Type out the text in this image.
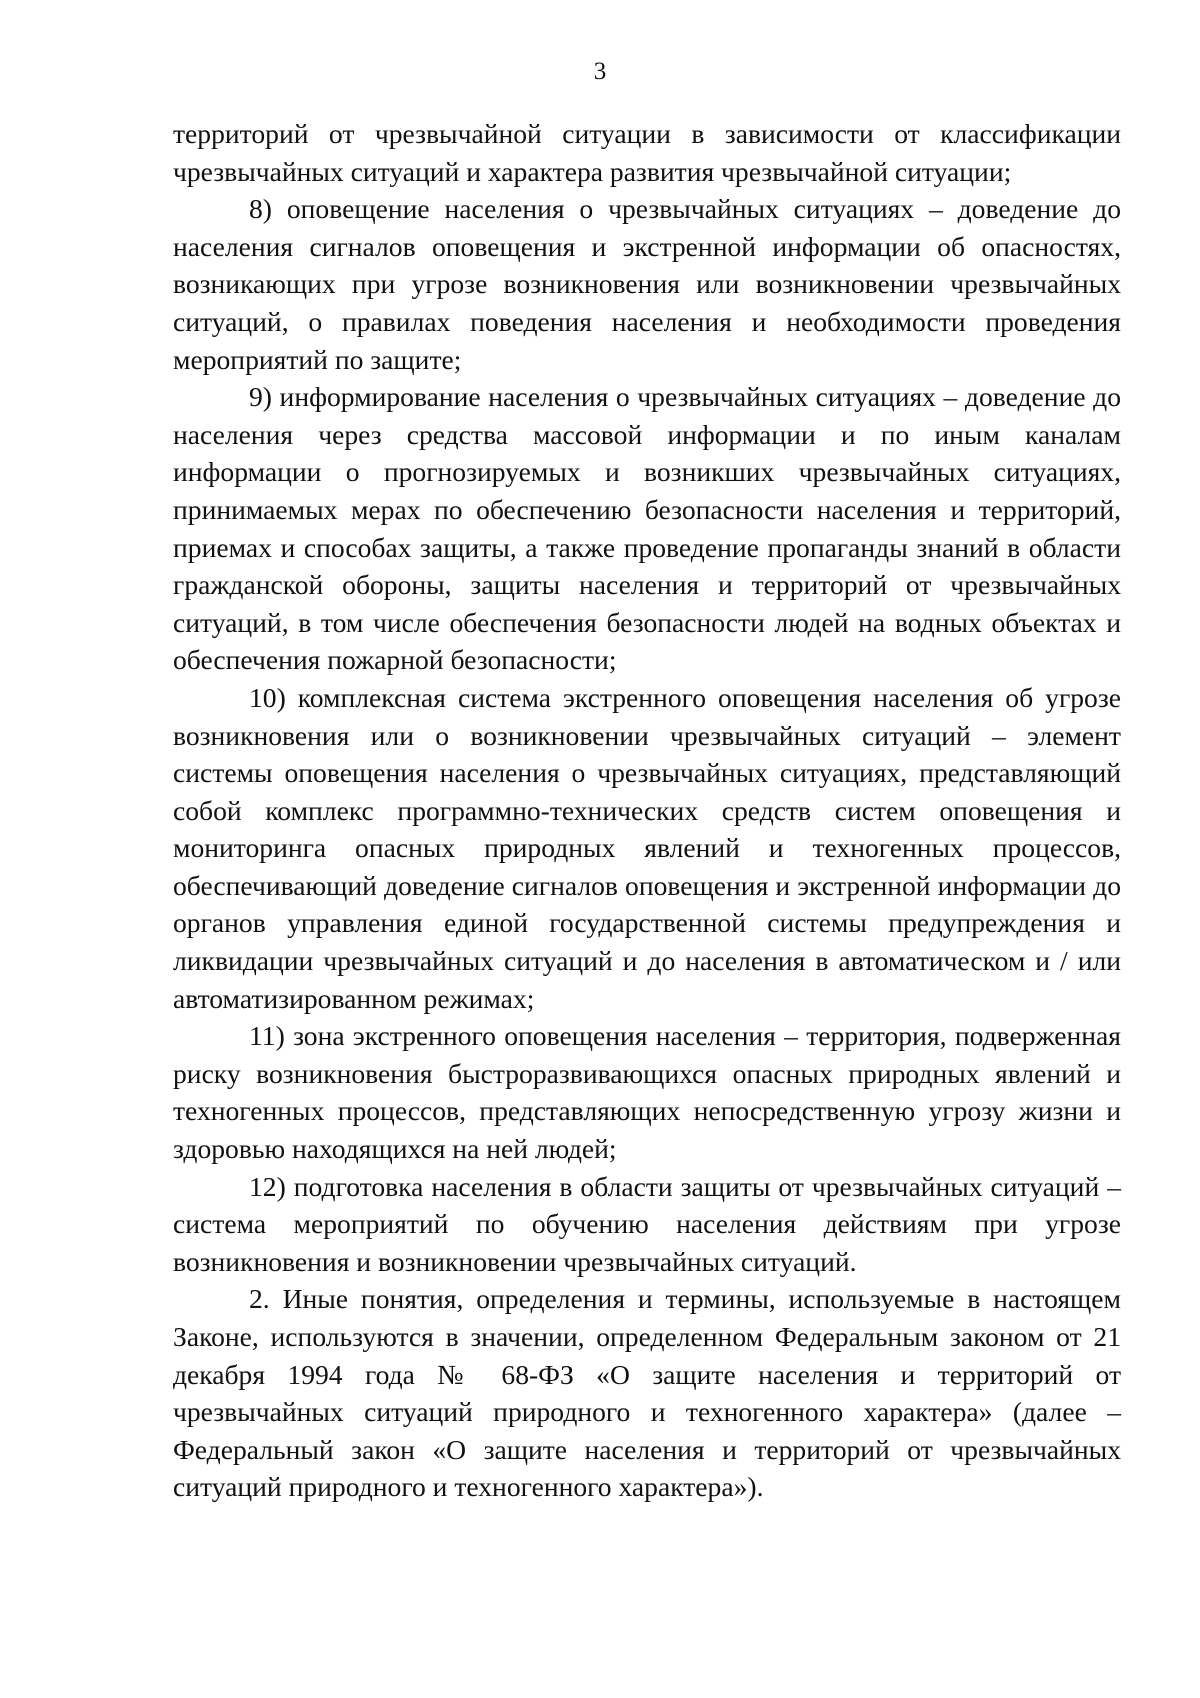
3

территорий от чрезвычайной ситуации в зависимости от классификации чрезвычайных ситуаций и характера развития чрезвычайной ситуации;

8) оповещение населения о чрезвычайных ситуациях – доведение до населения сигналов оповещения и экстренной информации об опасностях, возникающих при угрозе возникновения или возникновении чрезвычайных ситуаций, о правилах поведения населения и необходимости проведения мероприятий по защите;

9) информирование населения о чрезвычайных ситуациях – доведение до населения через средства массовой информации и по иным каналам информации о прогнозируемых и возникших чрезвычайных ситуациях, принимаемых мерах по обеспечению безопасности населения и территорий, приемах и способах защиты, а также проведение пропаганды знаний в области гражданской обороны, защиты населения и территорий от чрезвычайных ситуаций, в том числе обеспечения безопасности людей на водных объектах и обеспечения пожарной безопасности;

10) комплексная система экстренного оповещения населения об угрозе возникновения или о возникновении чрезвычайных ситуаций – элемент системы оповещения населения о чрезвычайных ситуациях, представляющий собой комплекс программно-технических средств систем оповещения и мониторинга опасных природных явлений и техногенных процессов, обеспечивающий доведение сигналов оповещения и экстренной информации до органов управления единой государственной системы предупреждения и ликвидации чрезвычайных ситуаций и до населения в автоматическом и / или автоматизированном режимах;

11) зона экстренного оповещения населения – территория, подверженная риску возникновения быстроразвивающихся опасных природных явлений и техногенных процессов, представляющих непосредственную угрозу жизни и здоровью находящихся на ней людей;

12) подготовка населения в области защиты от чрезвычайных ситуаций – система мероприятий по обучению населения действиям при угрозе возникновения и возникновении чрезвычайных ситуаций.

2. Иные понятия, определения и термины, используемые в настоящем Законе, используются в значении, определенном Федеральным законом от 21 декабря 1994 года № 68-ФЗ «О защите населения и территорий от чрезвычайных ситуаций природного и техногенного характера» (далее – Федеральный закон «О защите населения и территорий от чрезвычайных ситуаций природного и техногенного характера»).
